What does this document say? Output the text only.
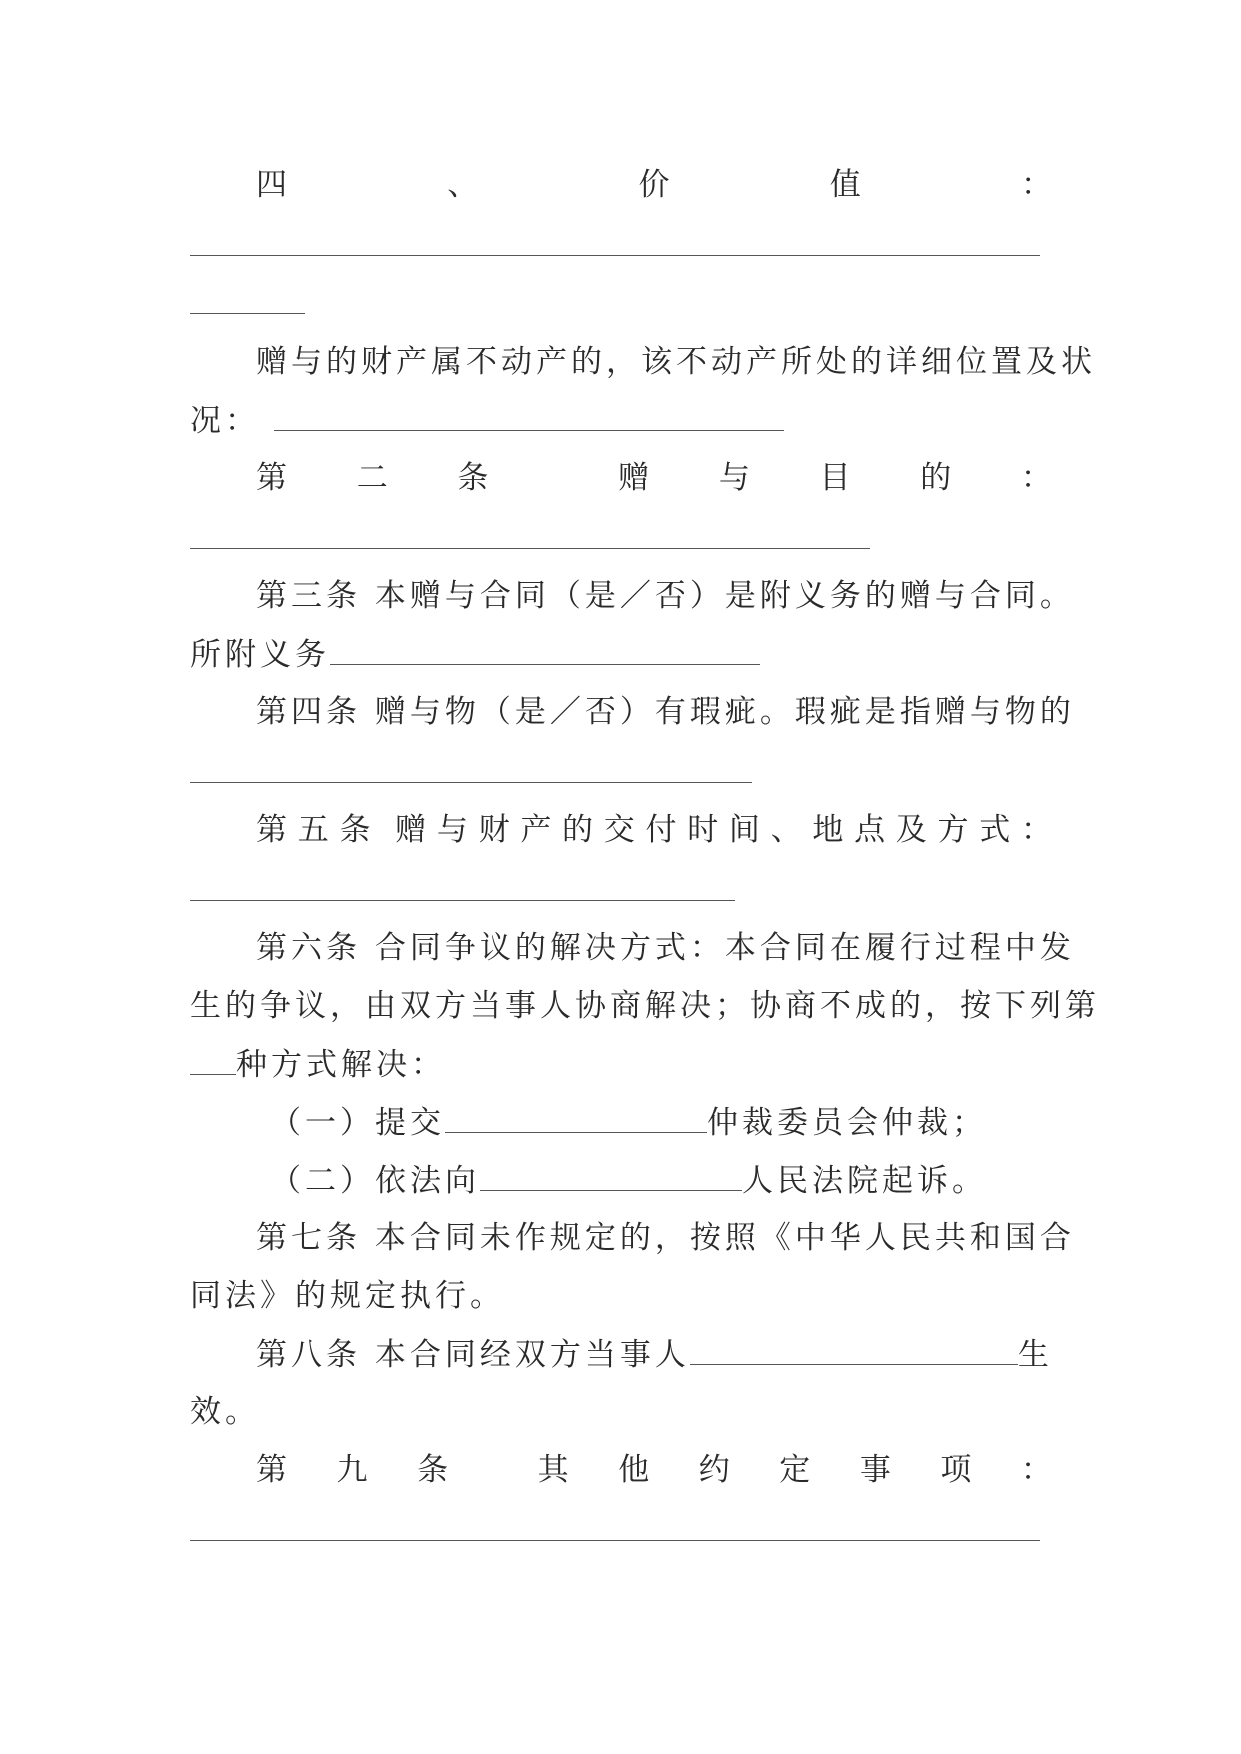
四	、	价	值	：
赠与的财产属不动产的，该不动产所处的详细位置及状
况：
第 二 条	赠 与 目 的 ：
第三条 本赠与合同（是／否）是附义务的赠与合同。
所附义务
第四条 赠与物（是／否）有瑕疵。瑕疵是指赠与物的
第 五 条 赠 与 财 产 的 交 付 时 间 、 地 点 及 方 式 ：
第六条 合同争议的解决方式：本合同在履行过程中发
生的争议，由双方当事人协商解决；协商不成的，按下列第
种方式解决：
（一）提交	仲裁委员会仲裁；
（二）依法向	人民法院起诉。
第七条 本合同未作规定的，按照《中华人民共和国合
同法》的规定执行。
第八条 本合同经双方当事人	生
效。
第 九 条	其 他 约 定 事 项 ：
